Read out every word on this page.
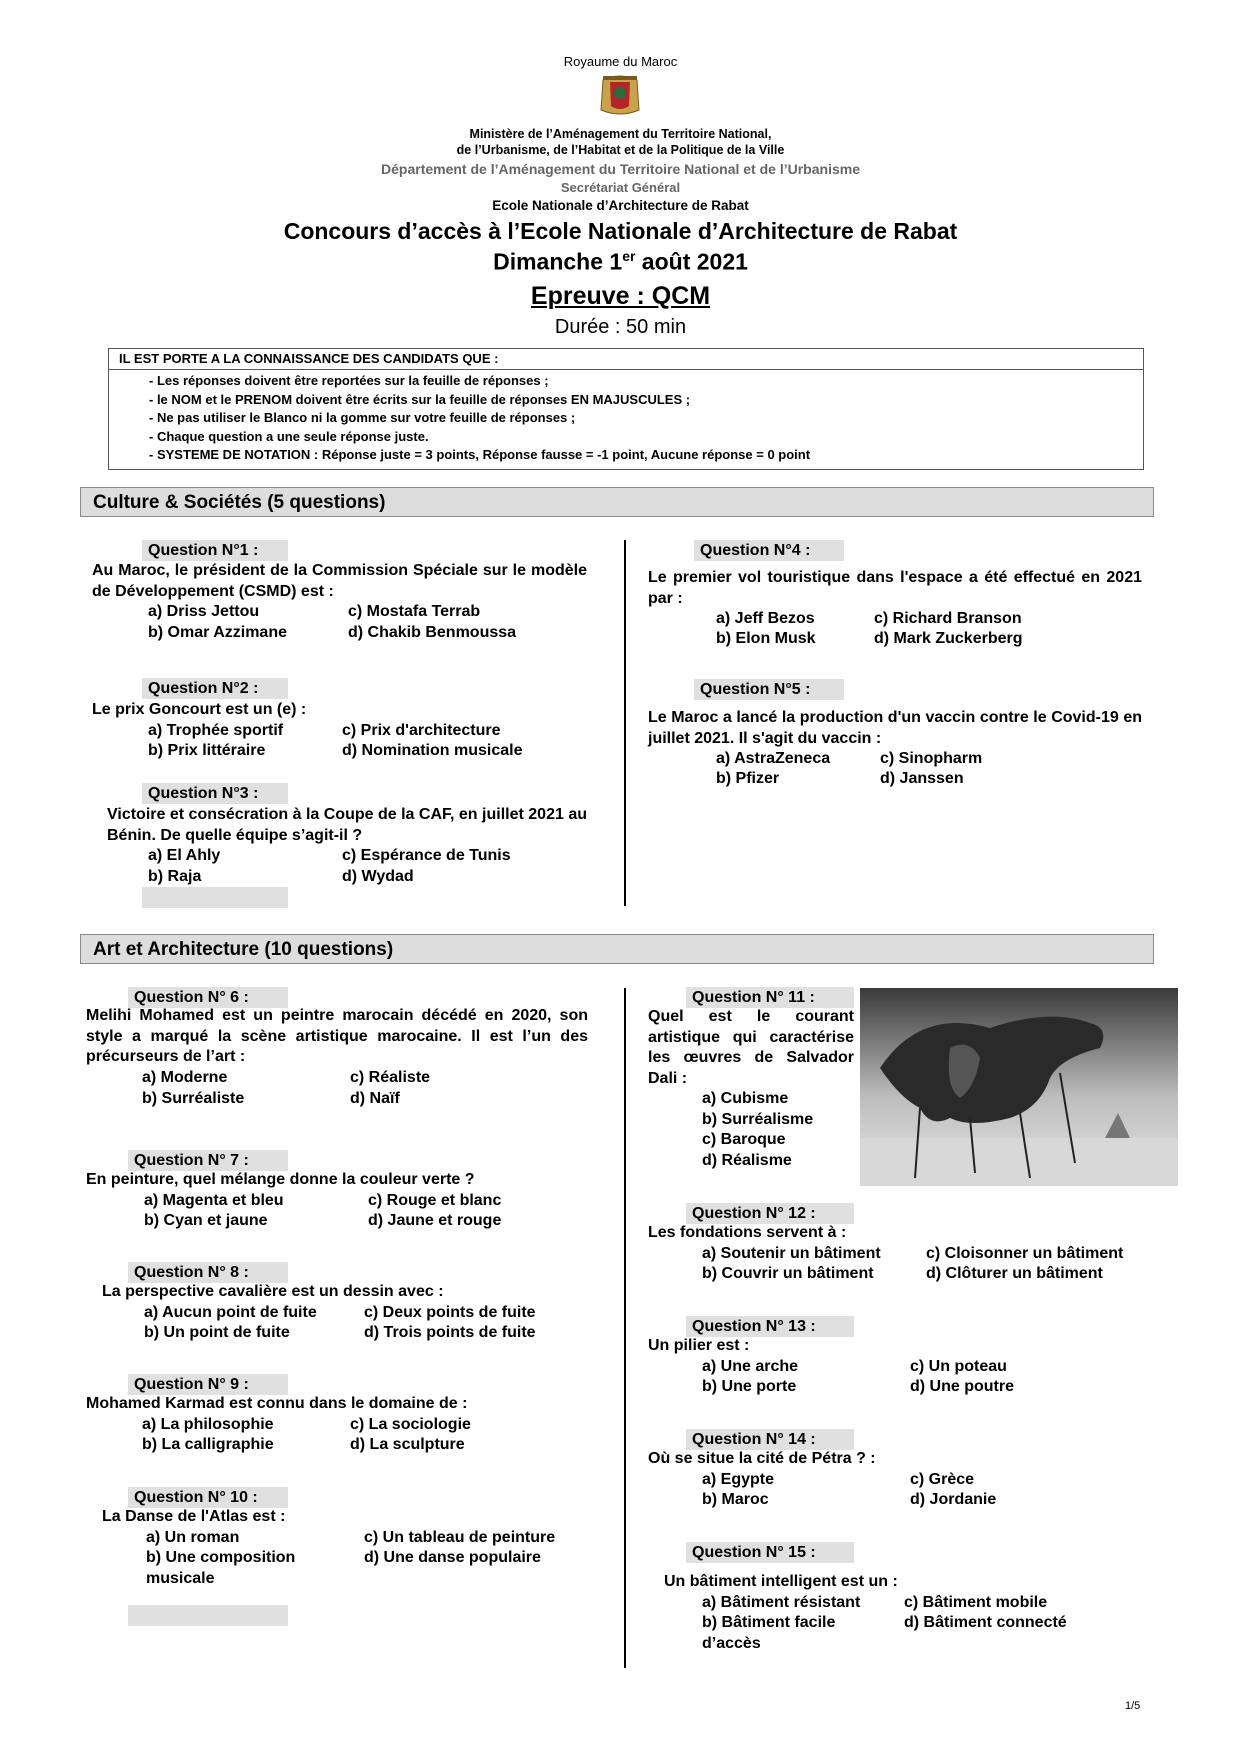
Royaume du Maroc
Ministère de l’Aménagement du Territoire National,
de l’Urbanisme, de l’Habitat et de la Politique de la Ville
Département de l’Aménagement du Territoire National et de l’Urbanisme
Secrétariat Général
Ecole Nationale d’Architecture de Rabat
Concours d’accès à l’Ecole Nationale d’Architecture de Rabat
Dimanche 1er août 2021
Epreuve : QCM
Durée : 50 min
IL EST PORTE A LA CONNAISSANCE DES CANDIDATS QUE :
- Les réponses doivent être reportées sur la feuille de réponses ;
- le NOM et le PRENOM doivent être écrits sur la feuille de réponses EN MAJUSCULES ;
- Ne pas utiliser le Blanco ni la gomme sur votre feuille de réponses ;
- Chaque question a une seule réponse juste.
- SYSTEME DE NOTATION : Réponse juste = 3 points, Réponse fausse = -1 point, Aucune réponse = 0 point
Culture & Sociétés (5 questions)
Question N°1 :
Au Maroc, le président de la Commission Spéciale sur le modèle de Développement (CSMD) est :
a) Driss Jettou
b) Omar Azzimane
c) Mostafa Terrab
d) Chakib Benmoussa
Question N°2 :
Le prix Goncourt est un (e) :
a) Trophée sportif
b) Prix littéraire
c) Prix d'architecture
d) Nomination musicale
Question N°3 :
Victoire et consécration à la Coupe de la CAF, en juillet 2021 au Bénin. De quelle équipe s’agit-il ?
a) El Ahly
b) Raja
c) Espérance de Tunis
d) Wydad
Question N°4 :
Le premier vol touristique dans l'espace a été effectué en 2021 par :
a) Jeff Bezos
b) Elon Musk
c) Richard Branson
d) Mark Zuckerberg
Question N°5 :
Le Maroc a lancé la production d'un vaccin contre le Covid-19 en juillet 2021. Il s'agit du vaccin :
a) AstraZeneca
b) Pfizer
c) Sinopharm
d) Janssen
Art et Architecture (10 questions)
Question N° 6 :
Melihi Mohamed est un peintre marocain décédé en 2020, son style a marqué la scène artistique marocaine. Il est l’un des précurseurs de l’art :
a) Moderne
b) Surréaliste
c) Réaliste
d) Naïf
Question N° 7 :
En peinture, quel mélange donne la couleur verte ?
a) Magenta et bleu
b) Cyan et jaune
c) Rouge et blanc
d) Jaune et rouge
Question N° 8 :
La perspective cavalière est un dessin avec :
a) Aucun point de fuite
b) Un point de fuite
c) Deux points de fuite
d) Trois points de fuite
Question N° 9 :
Mohamed Karmad est connu dans le domaine de :
a) La philosophie
b) La calligraphie
c) La sociologie
d) La sculpture
Question N° 10 :
La Danse de l'Atlas est :
a) Un roman
b) Une composition
musicale
c) Un tableau de peinture
d) Une danse populaire
Question N° 11 :
Quel est le courant artistique qui caractérise les œuvres de Salvador Dali :
a) Cubisme
b) Surréalisme
c) Baroque
d) Réalisme
Question N° 12 :
Les fondations servent à :
a) Soutenir un bâtiment
b) Couvrir un bâtiment
c) Cloisonner un bâtiment
d) Clôturer un bâtiment
Question N° 13 :
Un pilier est :
a) Une arche
b) Une porte
c) Un poteau
d) Une poutre
Question N° 14 :
Où se situe la cité de Pétra ? :
a) Egypte
b) Maroc
c) Grèce
d) Jordanie
Question N° 15 :
Un bâtiment intelligent est un :
a) Bâtiment résistant
b) Bâtiment facile
d’accès
c) Bâtiment mobile
d) Bâtiment connecté
1/5
